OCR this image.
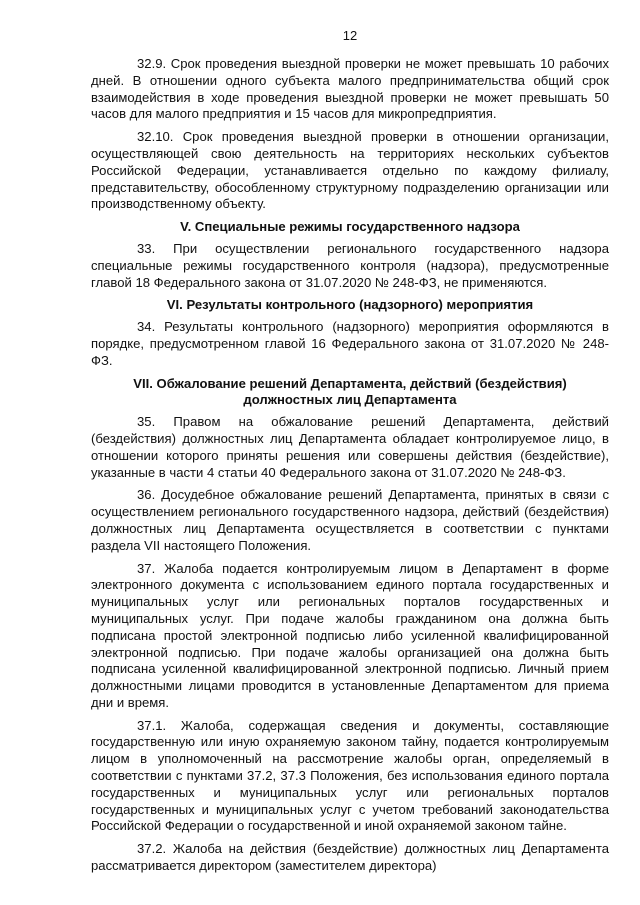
12

32.9. Срок проведения выездной проверки не может превышать 10 рабочих дней. В отношении одного субъекта малого предпринимательства общий срок взаимодействия в ходе проведения выездной проверки не может превышать 50 часов для малого предприятия и 15 часов для микропредприятия.

32.10. Срок проведения выездной проверки в отношении организации, осуществляющей свою деятельность на территориях нескольких субъектов Российской Федерации, устанавливается отдельно по каждому филиалу, представительству, обособленному структурному подразделению организации или производственному объекту.

V. Специальные режимы государственного надзора

33. При осуществлении регионального государственного надзора специальные режимы государственного контроля (надзора), предусмотренные главой 18 Федерального закона от 31.07.2020 № 248-ФЗ, не применяются.

VI. Результаты контрольного (надзорного) мероприятия

34. Результаты контрольного (надзорного) мероприятия оформляются в порядке, предусмотренном главой 16 Федерального закона от 31.07.2020 № 248-ФЗ.

VII. Обжалование решений Департамента, действий (бездействия) должностных лиц Департамента

35. Правом на обжалование решений Департамента, действий (бездействия) должностных лиц Департамента обладает контролируемое лицо, в отношении которого приняты решения или совершены действия (бездействие), указанные в части 4 статьи 40 Федерального закона от 31.07.2020 № 248-ФЗ.

36. Досудебное обжалование решений Департамента, принятых в связи с осуществлением регионального государственного надзора, действий (бездействия) должностных лиц Департамента осуществляется в соответствии с пунктами раздела VII настоящего Положения.

37. Жалоба подается контролируемым лицом в Департамент в форме электронного документа с использованием единого портала государственных и муниципальных услуг или региональных порталов государственных и муниципальных услуг. При подаче жалобы гражданином она должна быть подписана простой электронной подписью либо усиленной квалифицированной электронной подписью. При подаче жалобы организацией она должна быть подписана усиленной квалифицированной электронной подписью. Личный прием должностными лицами проводится в установленные Департаментом для приема дни и время.

37.1. Жалоба, содержащая сведения и документы, составляющие государственную или иную охраняемую законом тайну, подается контролируемым лицом в уполномоченный на рассмотрение жалобы орган, определяемый в соответствии с пунктами 37.2, 37.3 Положения, без использования единого портала государственных и муниципальных услуг или региональных порталов государственных и муниципальных услуг с учетом требований законодательства Российской Федерации о государственной и иной охраняемой законом тайне.

37.2. Жалоба на действия (бездействие) должностных лиц Департамента рассматривается директором (заместителем директора)
